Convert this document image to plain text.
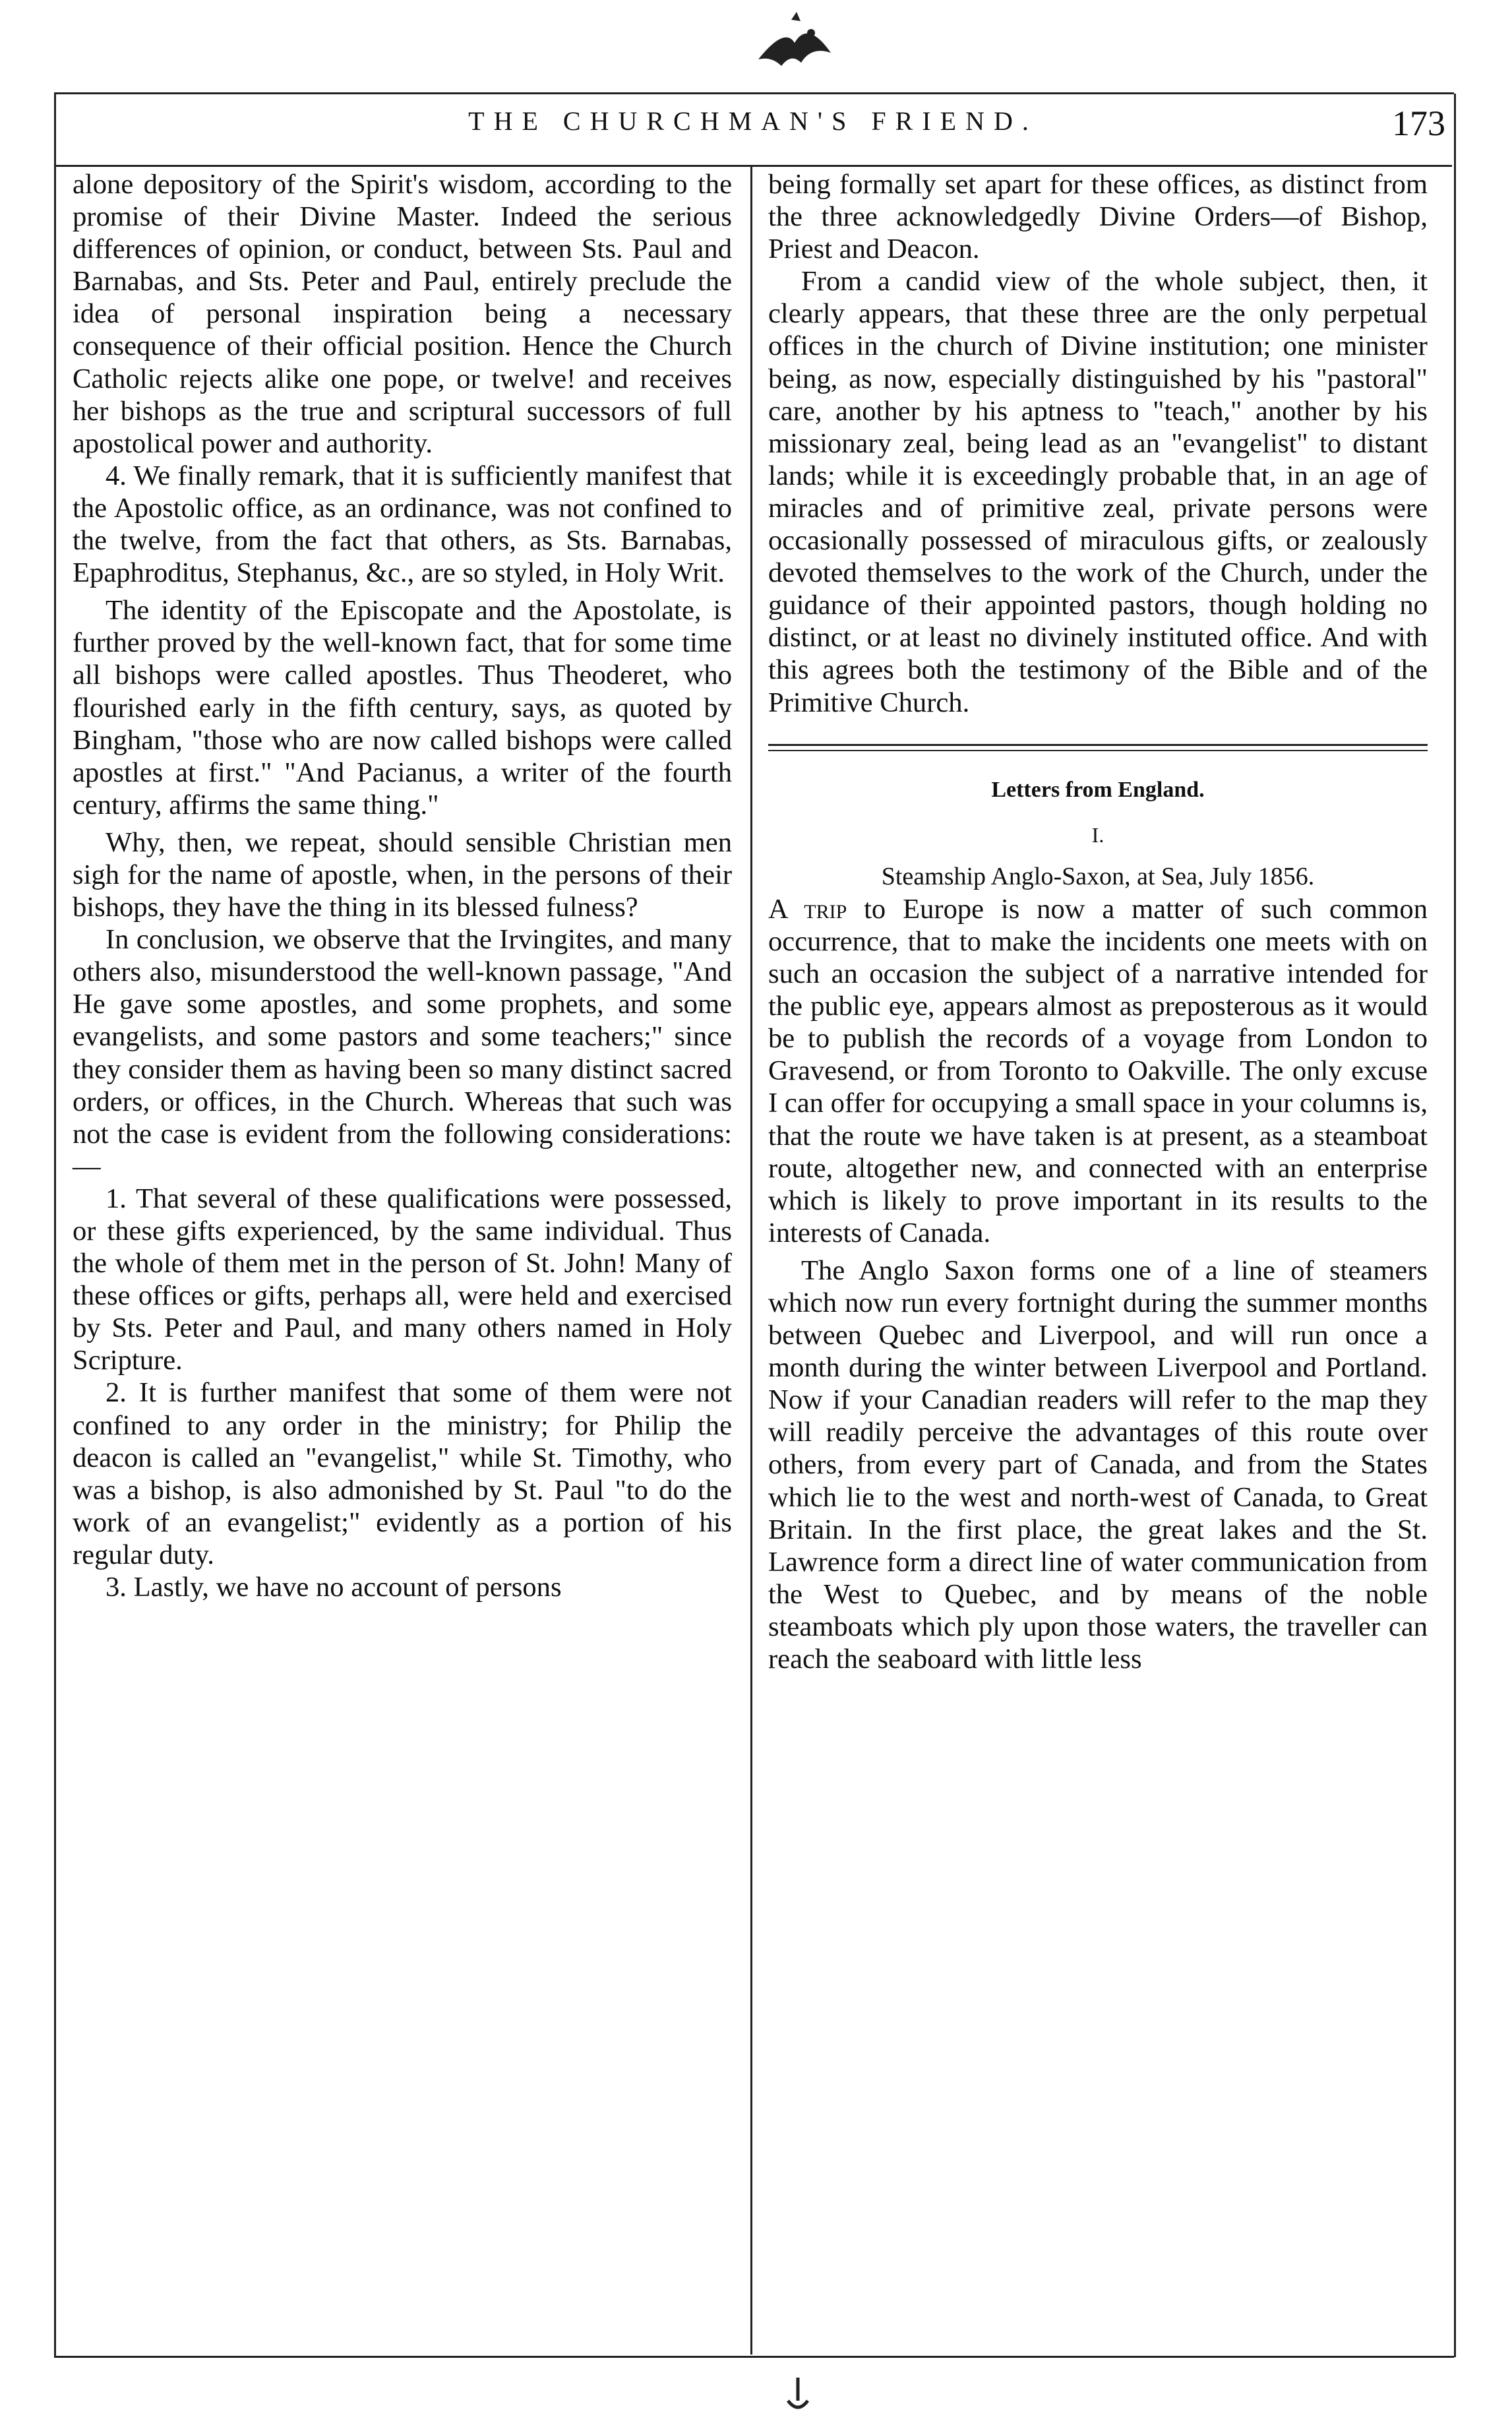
THE CHURCHMAN'S FRIEND.	173

alone depository of the Spirit's wisdom, according to the promise of their Divine Master. Indeed the serious differences of opinion, or conduct, between Sts. Paul and Barnabas, and Sts. Peter and Paul, entirely preclude the idea of personal inspiration being a necessary consequence of their official position. Hence the Church Catholic rejects alike one pope, or twelve! and receives her bishops as the true and scriptural successors of full apostolical power and authority.

4. We finally remark, that it is sufficiently manifest that the Apostolic office, as an ordinance, was not confined to the twelve, from the fact that others, as Sts. Barnabas, Epaphroditus, Stephanus, &c., are so styled, in Holy Writ.

The identity of the Episcopate and the Apostolate, is further proved by the well-known fact, that for some time all bishops were called apostles. Thus Theoderet, who flourished early in the fifth century, says, as quoted by Bingham, "those who are now called bishops were called apostles at first." "And Pacianus, a writer of the fourth century, affirms the same thing."

Why, then, we repeat, should sensible Christian men sigh for the name of apostle, when, in the persons of their bishops, they have the thing in its blessed fulness?

In conclusion, we observe that the Irvingites, and many others also, misunderstood the well-known passage, "And He gave some apostles, and some prophets, and some evangelists, and some pastors and some teachers;" since they consider them as having been so many distinct sacred orders, or offices, in the Church. Whereas that such was not the case is evident from the following considerations:—

1. That several of these qualifications were possessed, or these gifts experienced, by the same individual. Thus the whole of them met in the person of St. John! Many of these offices or gifts, perhaps all, were held and exercised by Sts. Peter and Paul, and many others named in Holy Scripture.

2. It is further manifest that some of them were not confined to any order in the ministry; for Philip the deacon is called an "evangelist," while St. Timothy, who was a bishop, is also admonished by St. Paul "to do the work of an evangelist;" evidently as a portion of his regular duty.

3. Lastly, we have no account of persons

being formally set apart for these offices, as distinct from the three acknowledgedly Divine Orders—of Bishop, Priest and Deacon.

From a candid view of the whole subject, then, it clearly appears, that these three are the only perpetual offices in the church of Divine institution; one minister being, as now, especially distinguished by his "pastoral" care, another by his aptness to "teach," another by his missionary zeal, being lead as an "evangelist" to distant lands; while it is exceedingly probable that, in an age of miracles and of primitive zeal, private persons were occasionally possessed of miraculous gifts, or zealously devoted themselves to the work of the Church, under the guidance of their appointed pastors, though holding no distinct, or at least no divinely instituted office. And with this agrees both the testimony of the Bible and of the Primitive Church.

Letters from England.
I.
Steamship Anglo-Saxon, at Sea, July 1856.

A trip to Europe is now a matter of such common occurrence, that to make the incidents one meets with on such an occasion the subject of a narrative intended for the public eye, appears almost as preposterous as it would be to publish the records of a voyage from London to Gravesend, or from Toronto to Oakville. The only excuse I can offer for occupying a small space in your columns is, that the route we have taken is at present, as a steamboat route, altogether new, and connected with an enterprise which is likely to prove important in its results to the interests of Canada.

The Anglo Saxon forms one of a line of steamers which now run every fortnight during the summer months between Quebec and Liverpool, and will run once a month during the winter between Liverpool and Portland. Now if your Canadian readers will refer to the map they will readily perceive the advantages of this route over others, from every part of Canada, and from the States which lie to the west and north-west of Canada, to Great Britain. In the first place, the great lakes and the St. Lawrence form a direct line of water communication from the West to Quebec, and by means of the noble steamboats which ply upon those waters, the traveller can reach the seaboard with little less
